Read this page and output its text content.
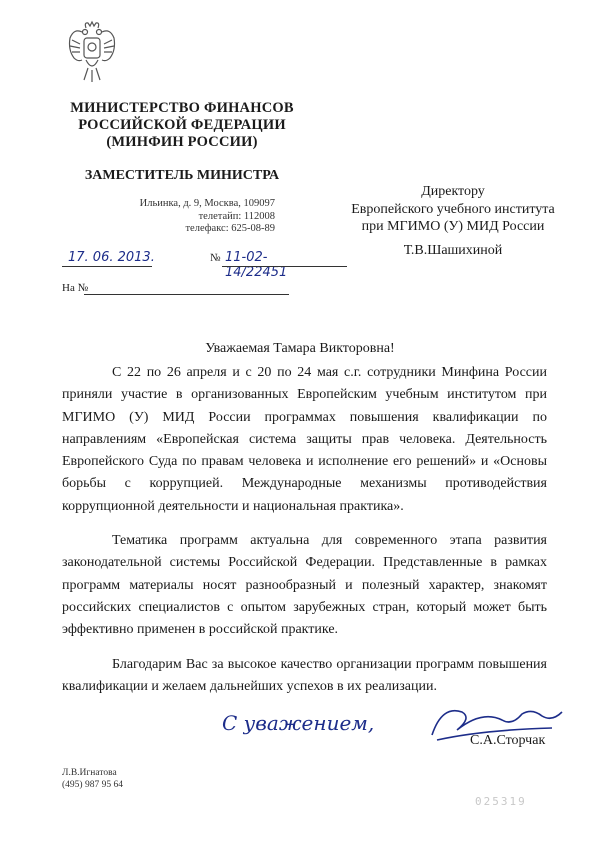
МИНИСТЕРСТВО ФИНАНСОВ
РОССИЙСКОЙ ФЕДЕРАЦИИ
(МИНФИН РОССИИ)
ЗАМЕСТИТЕЛЬ МИНИСТРА
Ильинка, д. 9, Москва, 109097
телетайп: 112008
телефакс: 625-08-89
Директору
Европейского учебного института
при МГИМО (У) МИД России
Т.В.Шашихиной
17. 06. 2013.	№ 11-02-14/22451
На №
Уважаемая Тамара Викторовна!

С 22 по 26 апреля и с 20 по 24 мая с.г. сотрудники Минфина России приняли участие в организованных Европейским учебным институтом при МГИМО (У) МИД России программах повышения квалификации по направлениям «Европейская система защиты прав человека. Деятельность Европейского Суда по правам человека и исполнение его решений» и «Основы борьбы с коррупцией. Международные механизмы противодействия коррупционной деятельности и национальная практика».

Тематика программ актуальна для современного этапа развития законодательной системы Российской Федерации. Представленные в рамках программ материалы носят разнообразный и полезный характер, знакомят российских специалистов с опытом зарубежных стран, который может быть эффективно применен в российской практике.

Благодарим Вас за высокое качество организации программ повышения квалификации и желаем дальнейших успехов в их реализации.

С уважением,
С.А.Сторчак
Л.В.Игнатова
(495) 987 95 64
025319
